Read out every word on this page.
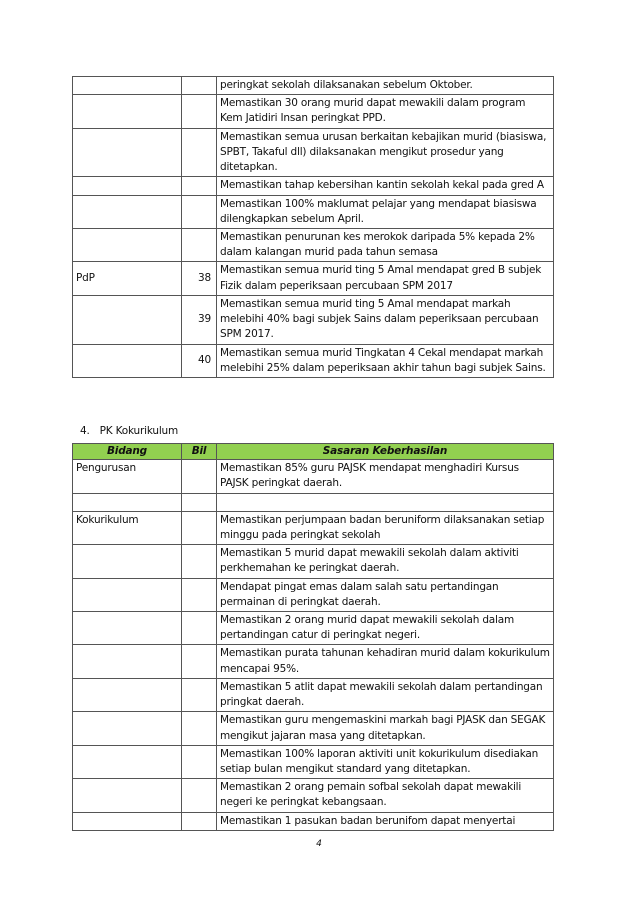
		peringkat sekolah dilaksanakan sebelum Oktober.
		Memastikan 30 orang murid dapat mewakili dalam program Kem Jatidiri Insan peringkat PPD.
		Memastikan semua urusan berkaitan kebajikan murid (biasiswa, SPBT, Takaful dll) dilaksanakan mengikut prosedur yang ditetapkan.
		Memastikan tahap kebersihan kantin sekolah kekal pada gred A
		Memastikan 100% maklumat pelajar yang mendapat biasiswa dilengkapkan sebelum April.
		Memastikan penurunan kes merokok daripada 5% kepada 2% dalam kalangan murid pada tahun semasa
PdP	38	Memastikan semua murid ting 5 Amal mendapat gred B subjek Fizik dalam peperiksaan percubaan SPM 2017
	39	Memastikan semua murid ting 5 Amal mendapat markah melebihi 40% bagi subjek Sains dalam peperiksaan percubaan SPM 2017.
	40	Memastikan semua murid Tingkatan 4 Cekal mendapat markah melebihi 25% dalam peperiksaan akhir tahun bagi subjek Sains.
4. PK Kokurikulum
Bidang	Bil	Sasaran Keberhasilan
Pengurusan		Memastikan 85% guru PAJSK mendapat menghadiri Kursus PAJSK peringkat daerah.

Kokurikulum		Memastikan perjumpaan badan beruniform dilaksanakan setiap minggu pada peringkat sekolah
		Memastikan 5 murid dapat mewakili sekolah dalam aktiviti perkhemahan ke peringkat daerah.
		Mendapat pingat emas dalam salah satu pertandingan permainan di peringkat daerah.
		Memastikan 2 orang murid dapat mewakili sekolah dalam pertandingan catur di peringkat negeri.
		Memastikan purata tahunan kehadiran murid dalam kokurikulum mencapai 95%.
		Memastikan 5 atlit dapat mewakili sekolah dalam pertandingan pringkat daerah.
		Memastikan guru mengemaskini markah bagi PJASK dan SEGAK mengikut jajaran masa yang ditetapkan.
		Memastikan 100% laporan aktiviti unit kokurikulum disediakan setiap bulan mengikut standard yang ditetapkan.
		Memastikan 2 orang pemain sofbal sekolah dapat mewakili negeri ke peringkat kebangsaan.
		Memastikan 1 pasukan badan berunifom dapat menyertai
4
